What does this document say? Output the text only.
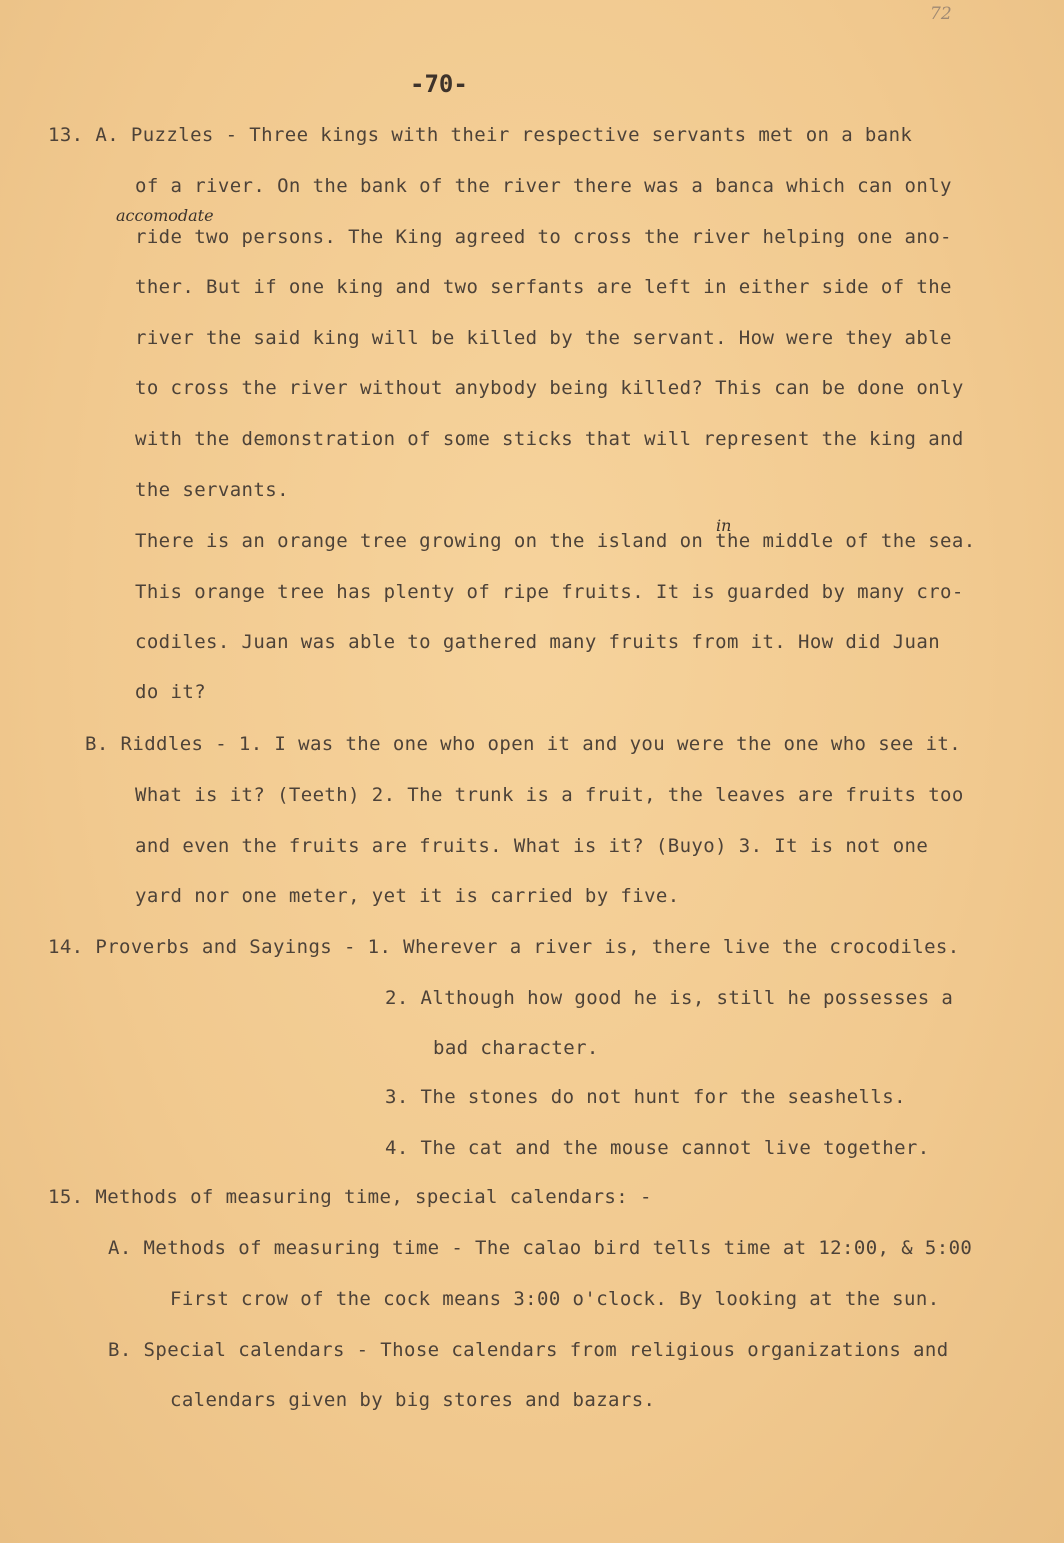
72
-70-
accomodate
in
13. A. Puzzles - Three kings with their respective servants met on a bank
of a river. On the bank of the river there was a banca which can only
ride two persons. The King agreed to cross the river helping one ano-
ther. But if one king and two serfants are left in either side of the
river the said king will be killed by the servant. How were they able
to cross the river without anybody being killed? This can be done only
with the demonstration of some sticks that will represent the king and
the servants.
There is an orange tree growing on the island on the middle of the sea.
This orange tree has plenty of ripe fruits. It is guarded by many cro-
codiles. Juan was able to gathered many fruits from it. How did Juan
do it?
B. Riddles - 1. I was the one who open it and you were the one who see it.
What is it? (Teeth) 2. The trunk is a fruit, the leaves are fruits too
and even the fruits are fruits. What is it? (Buyo) 3. It is not one
yard nor one meter, yet it is carried by five.
14. Proverbs and Sayings - 1. Wherever a river is, there live the crocodiles.
2. Although how good he is, still he possesses a
bad character.
3. The stones do not hunt for the seashells.
4. The cat and the mouse cannot live together.
15. Methods of measuring time, special calendars: -
A. Methods of measuring time - The calao bird tells time at 12:00, & 5:00
First crow of the cock means 3:00 o'clock. By looking at the sun.
B. Special calendars - Those calendars from religious organizations and
calendars given by big stores and bazars.
